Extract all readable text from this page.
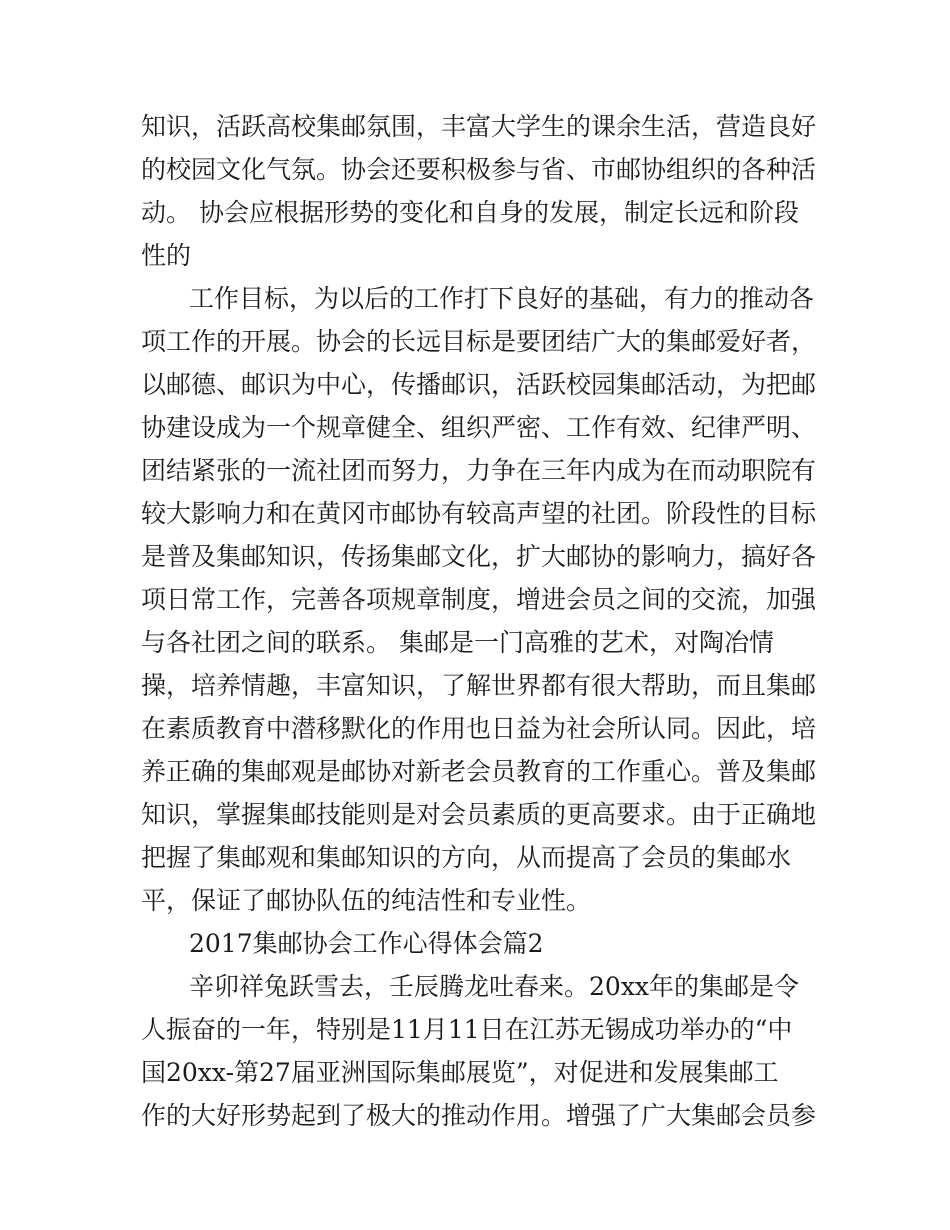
知识，活跃高校集邮氛围，丰富大学生的课余生活，营造良好
的校园文化气氛。协会还要积极参与省、市邮协组织的各种活
动。 协会应根据形势的变化和自身的发展，制定长远和阶段
性的
工作目标，为以后的工作打下良好的基础，有力的推动各
项工作的开展。协会的长远目标是要团结广大的集邮爱好者，
以邮德、邮识为中心，传播邮识，活跃校园集邮活动，为把邮
协建设成为一个规章健全、组织严密、工作有效、纪律严明、
团结紧张的一流社团而努力，力争在三年内成为在而动职院有
较大影响力和在黄冈市邮协有较高声望的社团。阶段性的目标
是普及集邮知识，传扬集邮文化，扩大邮协的影响力，搞好各
项日常工作，完善各项规章制度，增进会员之间的交流，加强
与各社团之间的联系。 集邮是一门高雅的艺术，对陶冶情
操，培养情趣，丰富知识，了解世界都有很大帮助，而且集邮
在素质教育中潜移默化的作用也日益为社会所认同。因此，培
养正确的集邮观是邮协对新老会员教育的工作重心。普及集邮
知识，掌握集邮技能则是对会员素质的更高要求。由于正确地
把握了集邮观和集邮知识的方向，从而提高了会员的集邮水
平，保证了邮协队伍的纯洁性和专业性。
2017集邮协会工作心得体会篇2
辛卯祥兔跃雪去，壬辰腾龙吐春来。20xx年的集邮是令
人振奋的一年，特别是11月11日在江苏无锡成功举办的“中
国20xx-第27届亚洲国际集邮展览”，对促进和发展集邮工
作的大好形势起到了极大的推动作用。增强了广大集邮会员参
